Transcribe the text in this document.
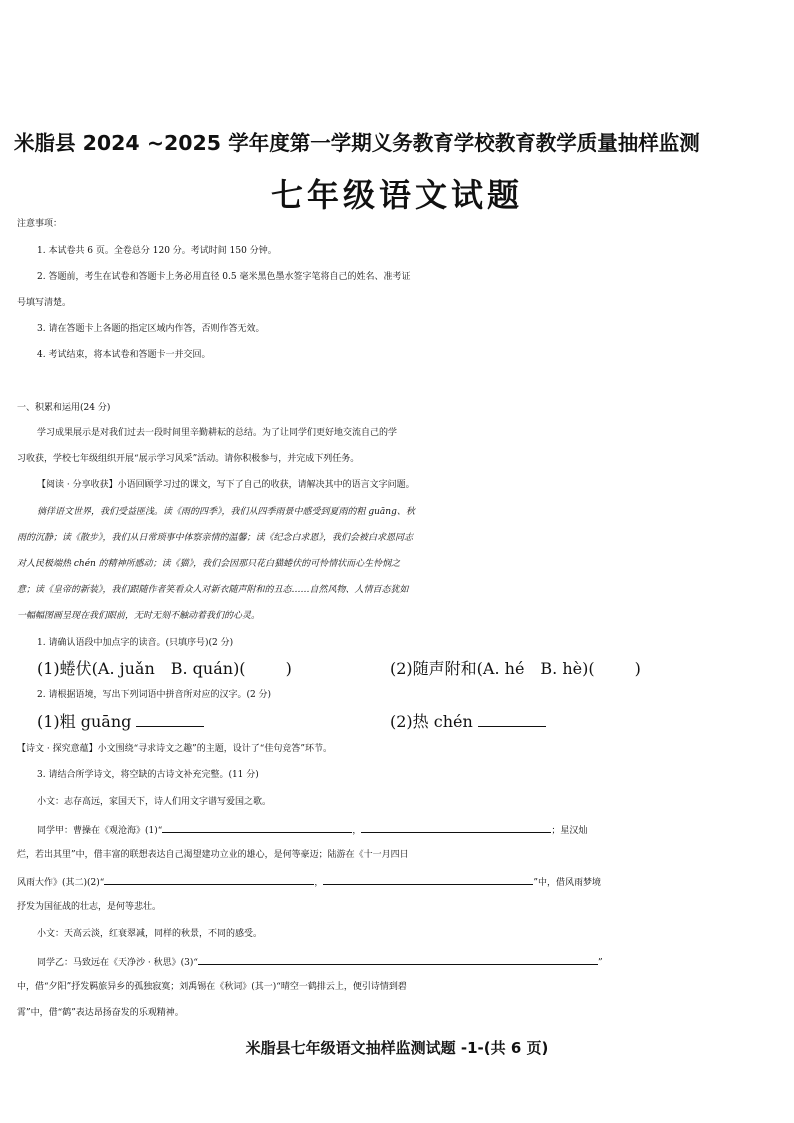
米脂县 2024 ~2025 学年度第一学期义务教育学校教育教学质量抽样监测
七年级语文试题
注意事项：
1. 本试卷共 6 页。全卷总分 120 分。考试时间 150 分钟。
2. 答题前，考生在试卷和答题卡上务必用直径 0.5 毫米黑色墨水签字笔将自己的姓名、准考证
号填写清楚。
3. 请在答题卡上各题的指定区域内作答，否则作答无效。
4. 考试结束，将本试卷和答题卡一并交回。
一、积累和运用(24 分)
学习成果展示是对我们过去一段时间里辛勤耕耘的总结。为了让同学们更好地交流自己的学
习收获，学校七年级组织开展“展示学习风采”活动。请你积极参与，并完成下列任务。
【阅读 · 分享收获】小语回顾学习过的课文，写下了自己的收获，请解决其中的语言文字问题。
徜徉语文世界，我们受益匪浅。读《雨的四季》，我们从四季雨景中感受到夏雨的粗 guāng、秋
雨的沉静；读《散步》，我们从日常琐事中体察亲情的温馨；读《纪念白求恩》，我们会被白求恩同志
对人民极端热 chén 的精神所感动；读《猫》，我们会因那只花白猫蜷伏的可怜情状而心生怜悯之
意；读《皇帝的新装》，我们跟随作者笑看众人对新衣随声附和的丑态……自然风物、人情百态犹如
一幅幅图画呈现在我们眼前，无时无刻不触动着我们的心灵。
1. 请确认语段中加点字的读音。(只填序号)(2 分)
(1)蜷伏(A. juǎn　B. quán)(	)	(2)随声附和(A. hé　B. hè)(	)
2. 请根据语境，写出下列词语中拼音所对应的汉字。(2 分)
(1)粗 guāng	(2)热 chén
【诗文 · 探究意蕴】小文围绕“寻求诗文之趣”的主题，设计了“佳句竞答”环节。
3. 请结合所学诗文，将空缺的古诗文补充完整。(11 分)
小文：志存高远，家国天下，诗人们用文字谱写爱国之歌。
同学甲：曹操在《观沧海》(1)“	，	；星汉灿
烂，若出其里”中，借丰富的联想表达自己渴望建功立业的雄心，是何等豪迈；陆游在《十一月四日
风雨大作》(其二)(2)“	，	”中，借风雨梦境
抒发为国征战的壮志，是何等悲壮。
小文：天高云淡，红衰翠减，同样的秋景，不同的感受。
同学乙：马致远在《天净沙 · 秋思》(3)“	”
中，借“夕阳”抒发羁旅异乡的孤独寂寞；刘禹锡在《秋词》(其一)“晴空一鹤排云上，便引诗情到碧
霄”中，借“鹤”表达昂扬奋发的乐观精神。
米脂县七年级语文抽样监测试题 -1-(共 6 页)
